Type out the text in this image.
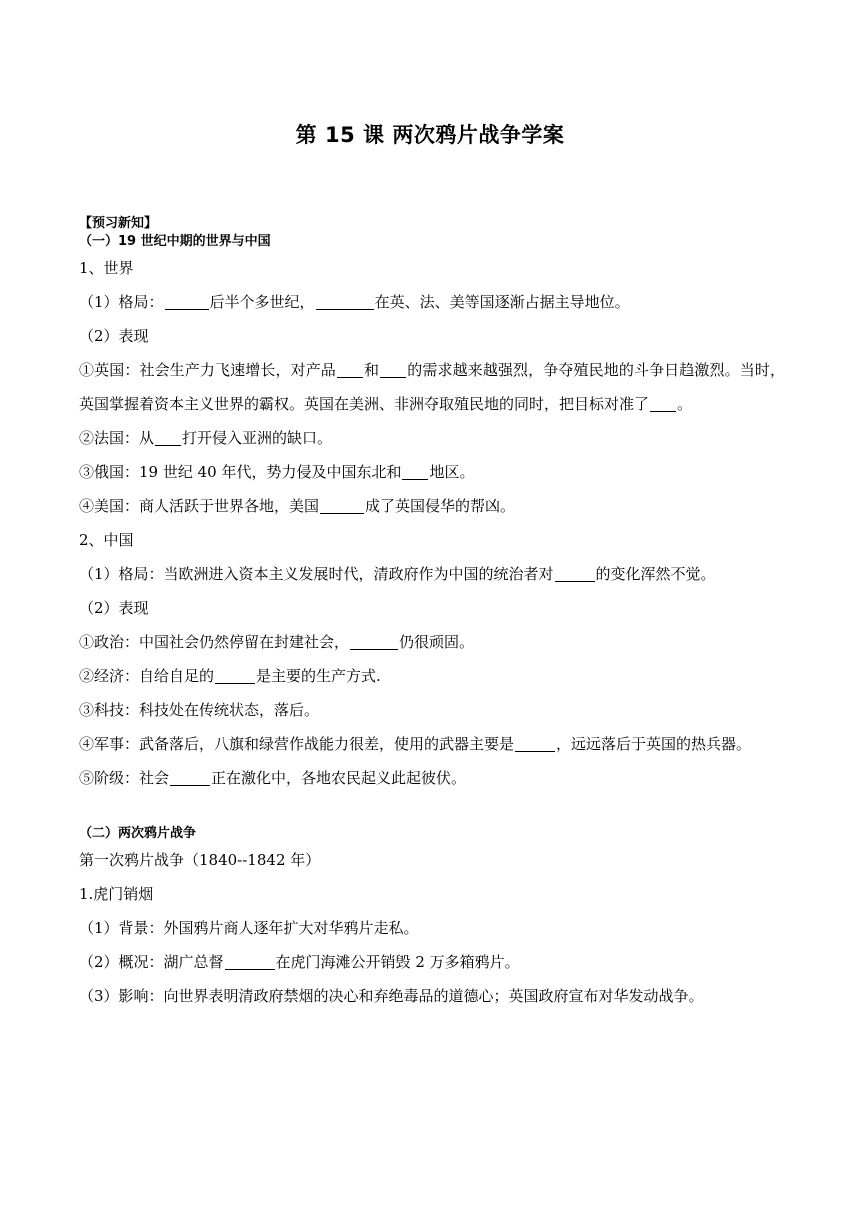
第 15 课 两次鸦片战争学案
【预习新知】
（一）19 世纪中期的世界与中国
1、世界
（1）格局：	后半个多世纪，	在英、法、美等国逐渐占据主导地位。
（2）表现
①英国：社会生产力飞速增长，对产品 和 的需求越来越强烈，争夺殖民地的斗争日趋激烈。当时，英国掌握着资本主义世界的霸权。英国在美洲、非洲夺取殖民地的同时，把目标对准了 。
②法国：从 打开侵入亚洲的缺口。
③俄国：19 世纪 40 年代，势力侵及中国东北和 地区。
④美国：商人活跃于世界各地，美国	成了英国侵华的帮凶。
2、中国
（1）格局：当欧洲进入资本主义发展时代，清政府作为中国的统治者对	的变化浑然不觉。
（2）表现
①政治：中国社会仍然停留在封建社会，	仍很顽固。
②经济：自给自足的	是主要的生产方式.
③科技：科技处在传统状态，落后。
④军事：武备落后，八旗和绿营作战能力很差，使用的武器主要是	，远远落后于英国的热兵器。
⑤阶级：社会	正在激化中，各地农民起义此起彼伏。
（二）两次鸦片战争
第一次鸦片战争（1840--1842 年）
1.虎门销烟
（1）背景：外国鸦片商人逐年扩大对华鸦片走私。
（2）概况：湖广总督	在虎门海滩公开销毁 2 万多箱鸦片。
（3）影响：向世界表明清政府禁烟的决心和弃绝毒品的道德心；英国政府宣布对华发动战争。
